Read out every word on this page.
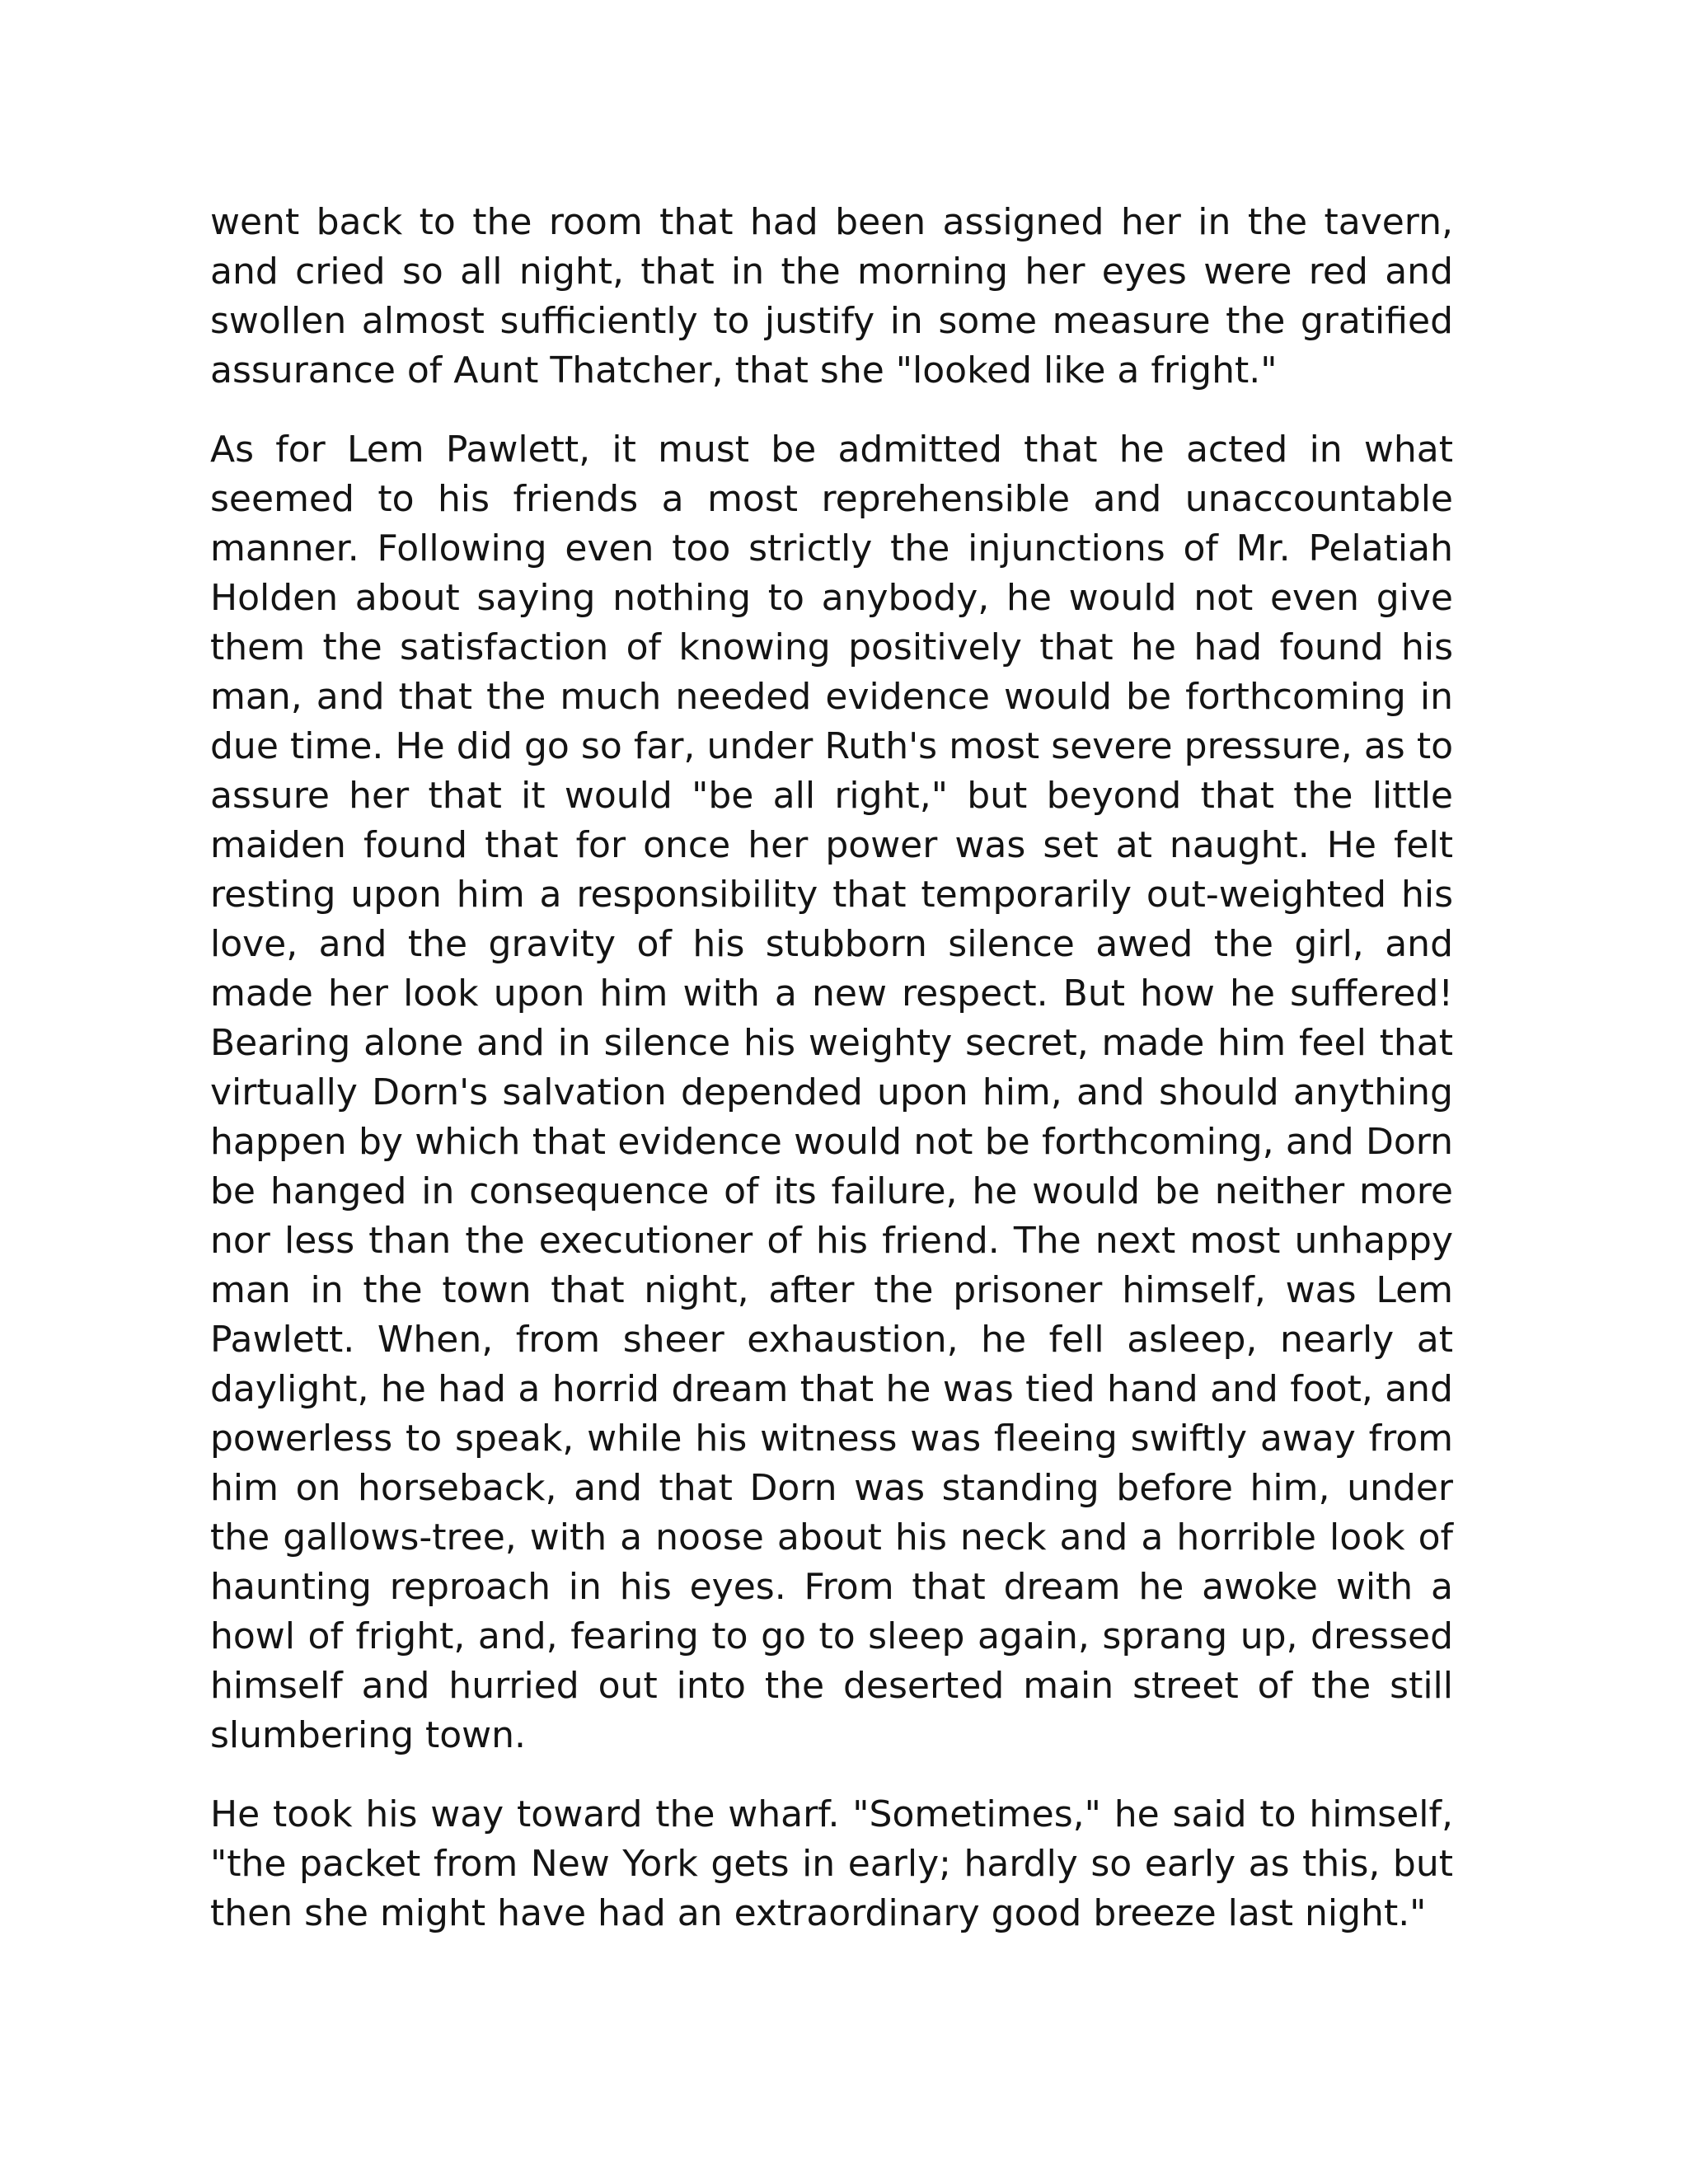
went back to the room that had been assigned her in the tavern, and cried so all night, that in the morning her eyes were red and swollen almost sufficiently to justify in some measure the gratified assurance of Aunt Thatcher, that she "looked like a fright."

As for Lem Pawlett, it must be admitted that he acted in what seemed to his friends a most reprehensible and unaccountable manner. Following even too strictly the injunctions of Mr. Pelatiah Holden about saying nothing to anybody, he would not even give them the satisfaction of knowing positively that he had found his man, and that the much needed evidence would be forthcoming in due time. He did go so far, under Ruth's most severe pressure, as to assure her that it would "be all right," but beyond that the little maiden found that for once her power was set at naught. He felt resting upon him a responsibility that temporarily out-weighted his love, and the gravity of his stubborn silence awed the girl, and made her look upon him with a new respect. But how he suffered! Bearing alone and in silence his weighty secret, made him feel that virtually Dorn's salvation depended upon him, and should anything happen by which that evidence would not be forthcoming, and Dorn be hanged in consequence of its failure, he would be neither more nor less than the executioner of his friend. The next most unhappy man in the town that night, after the prisoner himself, was Lem Pawlett. When, from sheer exhaustion, he fell asleep, nearly at daylight, he had a horrid dream that he was tied hand and foot, and powerless to speak, while his witness was fleeing swiftly away from him on horseback, and that Dorn was standing before him, under the gallows-tree, with a noose about his neck and a horrible look of haunting reproach in his eyes. From that dream he awoke with a howl of fright, and, fearing to go to sleep again, sprang up, dressed himself and hurried out into the deserted main street of the still slumbering town.

He took his way toward the wharf. "Sometimes," he said to himself, "the packet from New York gets in early; hardly so early as this, but then she might have had an extraordinary good breeze last night."
